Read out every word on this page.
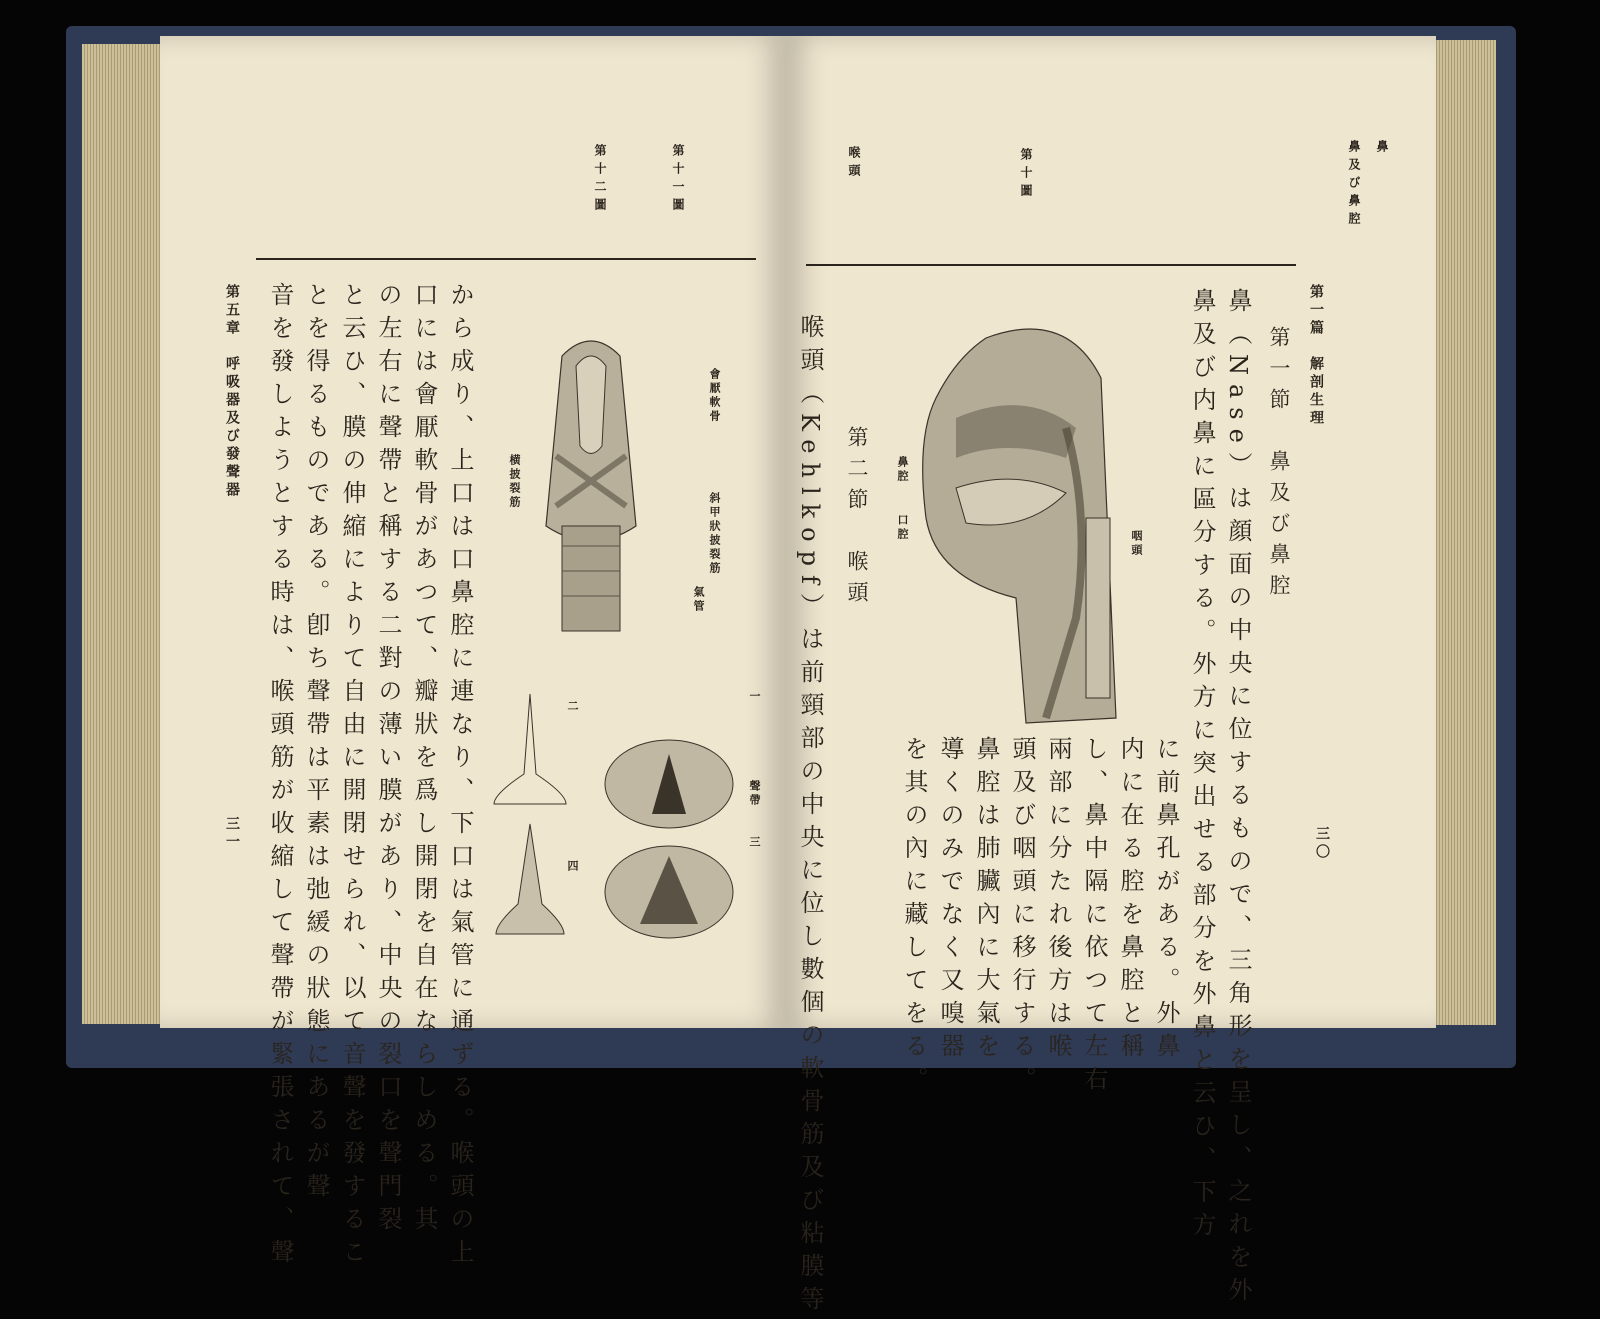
第十一圖
第十二圖
會厭軟骨
斜甲狀披裂筋
氣管
横披裂筋
一
二
三
四
聲帶
から成り、上口は口鼻腔に連なり、下口は氣管に通ずる。喉頭の上
口には會厭軟骨があつて、瓣狀を爲し開閉を自在ならしめる。其
の左右に聲帶と稱する二對の薄い膜があり、中央の裂口を聲門裂
と云ひ、膜の伸縮によりて自由に開閉せられ、以て音聲を發するこ
とを得るものである。卽ち聲帶は平素は弛緩の狀態にあるが聲
音を發しようとする時は、喉頭筋が收縮して聲帶が緊張されて、聲
第五章　呼吸器及び發聲器
三一
鼻及び鼻腔 鼻
第十圖
喉頭
鼻腔
口腔
咽頭
第一篇　解剖生理
第一節　鼻及び鼻腔
鼻（Nase）は顔面の中央に位するもので、三角形を呈し、之れを外
鼻及び内鼻に區分する。外方に突出せる部分を外鼻と云ひ、下方
に前鼻孔がある。外鼻
内に在る腔を鼻腔と稱
し、鼻中隔に依つて左右
兩部に分たれ後方は喉
頭及び咽頭に移行する。
鼻腔は肺臟內に大氣を
導くのみでなく又嗅器
を其の內に藏してをる。
第二節　喉頭
喉頭（Kehlkopf）は前頸部の中央に位し數個の軟骨筋及び粘膜等	三〇
